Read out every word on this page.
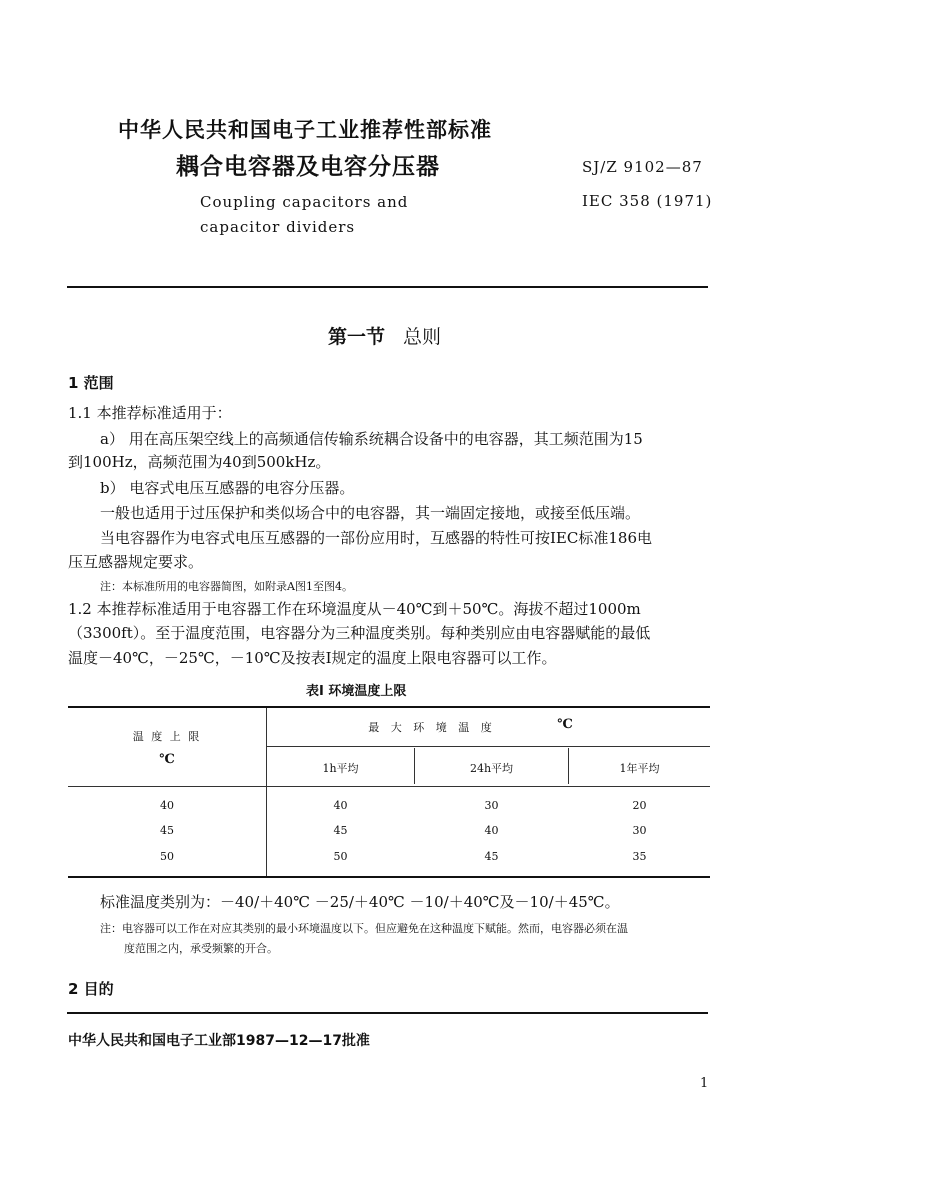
中华人民共和国电子工业推荐性部标准
耦合电容器及电容分压器	SJ/Z 9102—87
IEC 358 (1971)
Coupling capacitors and
capacitor dividers
第一节 总则
1 范围
1.1 本推荐标准适用于：
a） 用在高压架空线上的高频通信传输系统耦合设备中的电容器，其工频范围为15
到100Hz，高频范围为40到500kHz。
b） 电容式电压互感器的电容分压器。
一般也适用于过压保护和类似场合中的电容器，其一端固定接地，或接至低压端。
当电容器作为电容式电压互感器的一部份应用时，互感器的特性可按IEC标准186电
压互感器规定要求。
注：本标准所用的电容器简图，如附录A图1至图4。
1.2 本推荐标准适用于电容器工作在环境温度从－40℃到＋50℃。海拔不超过1000m
（3300ft）。至于温度范围，电容器分为三种温度类别。每种类别应由电容器赋能的最低
温度－40℃，－25℃，－10℃及按表Ⅰ规定的温度上限电容器可以工作。
表Ⅰ 环境温度上限
温 度 上 限
℃
最 大 环 境 温 度	℃
1h平均	24h平均	1年平均
40	40	30	20
45	45	40	30
50	50	45	35
标准温度类别为：－40/＋40℃ －25/＋40℃ －10/＋40℃及－10/＋45℃。
注：电容器可以工作在对应其类别的最小环境温度以下。但应避免在这种温度下赋能。然而，电容器必须在温
度范围之内，承受频繁的开合。
2 目的
中华人民共和国电子工业部1987—12—17批准
1
